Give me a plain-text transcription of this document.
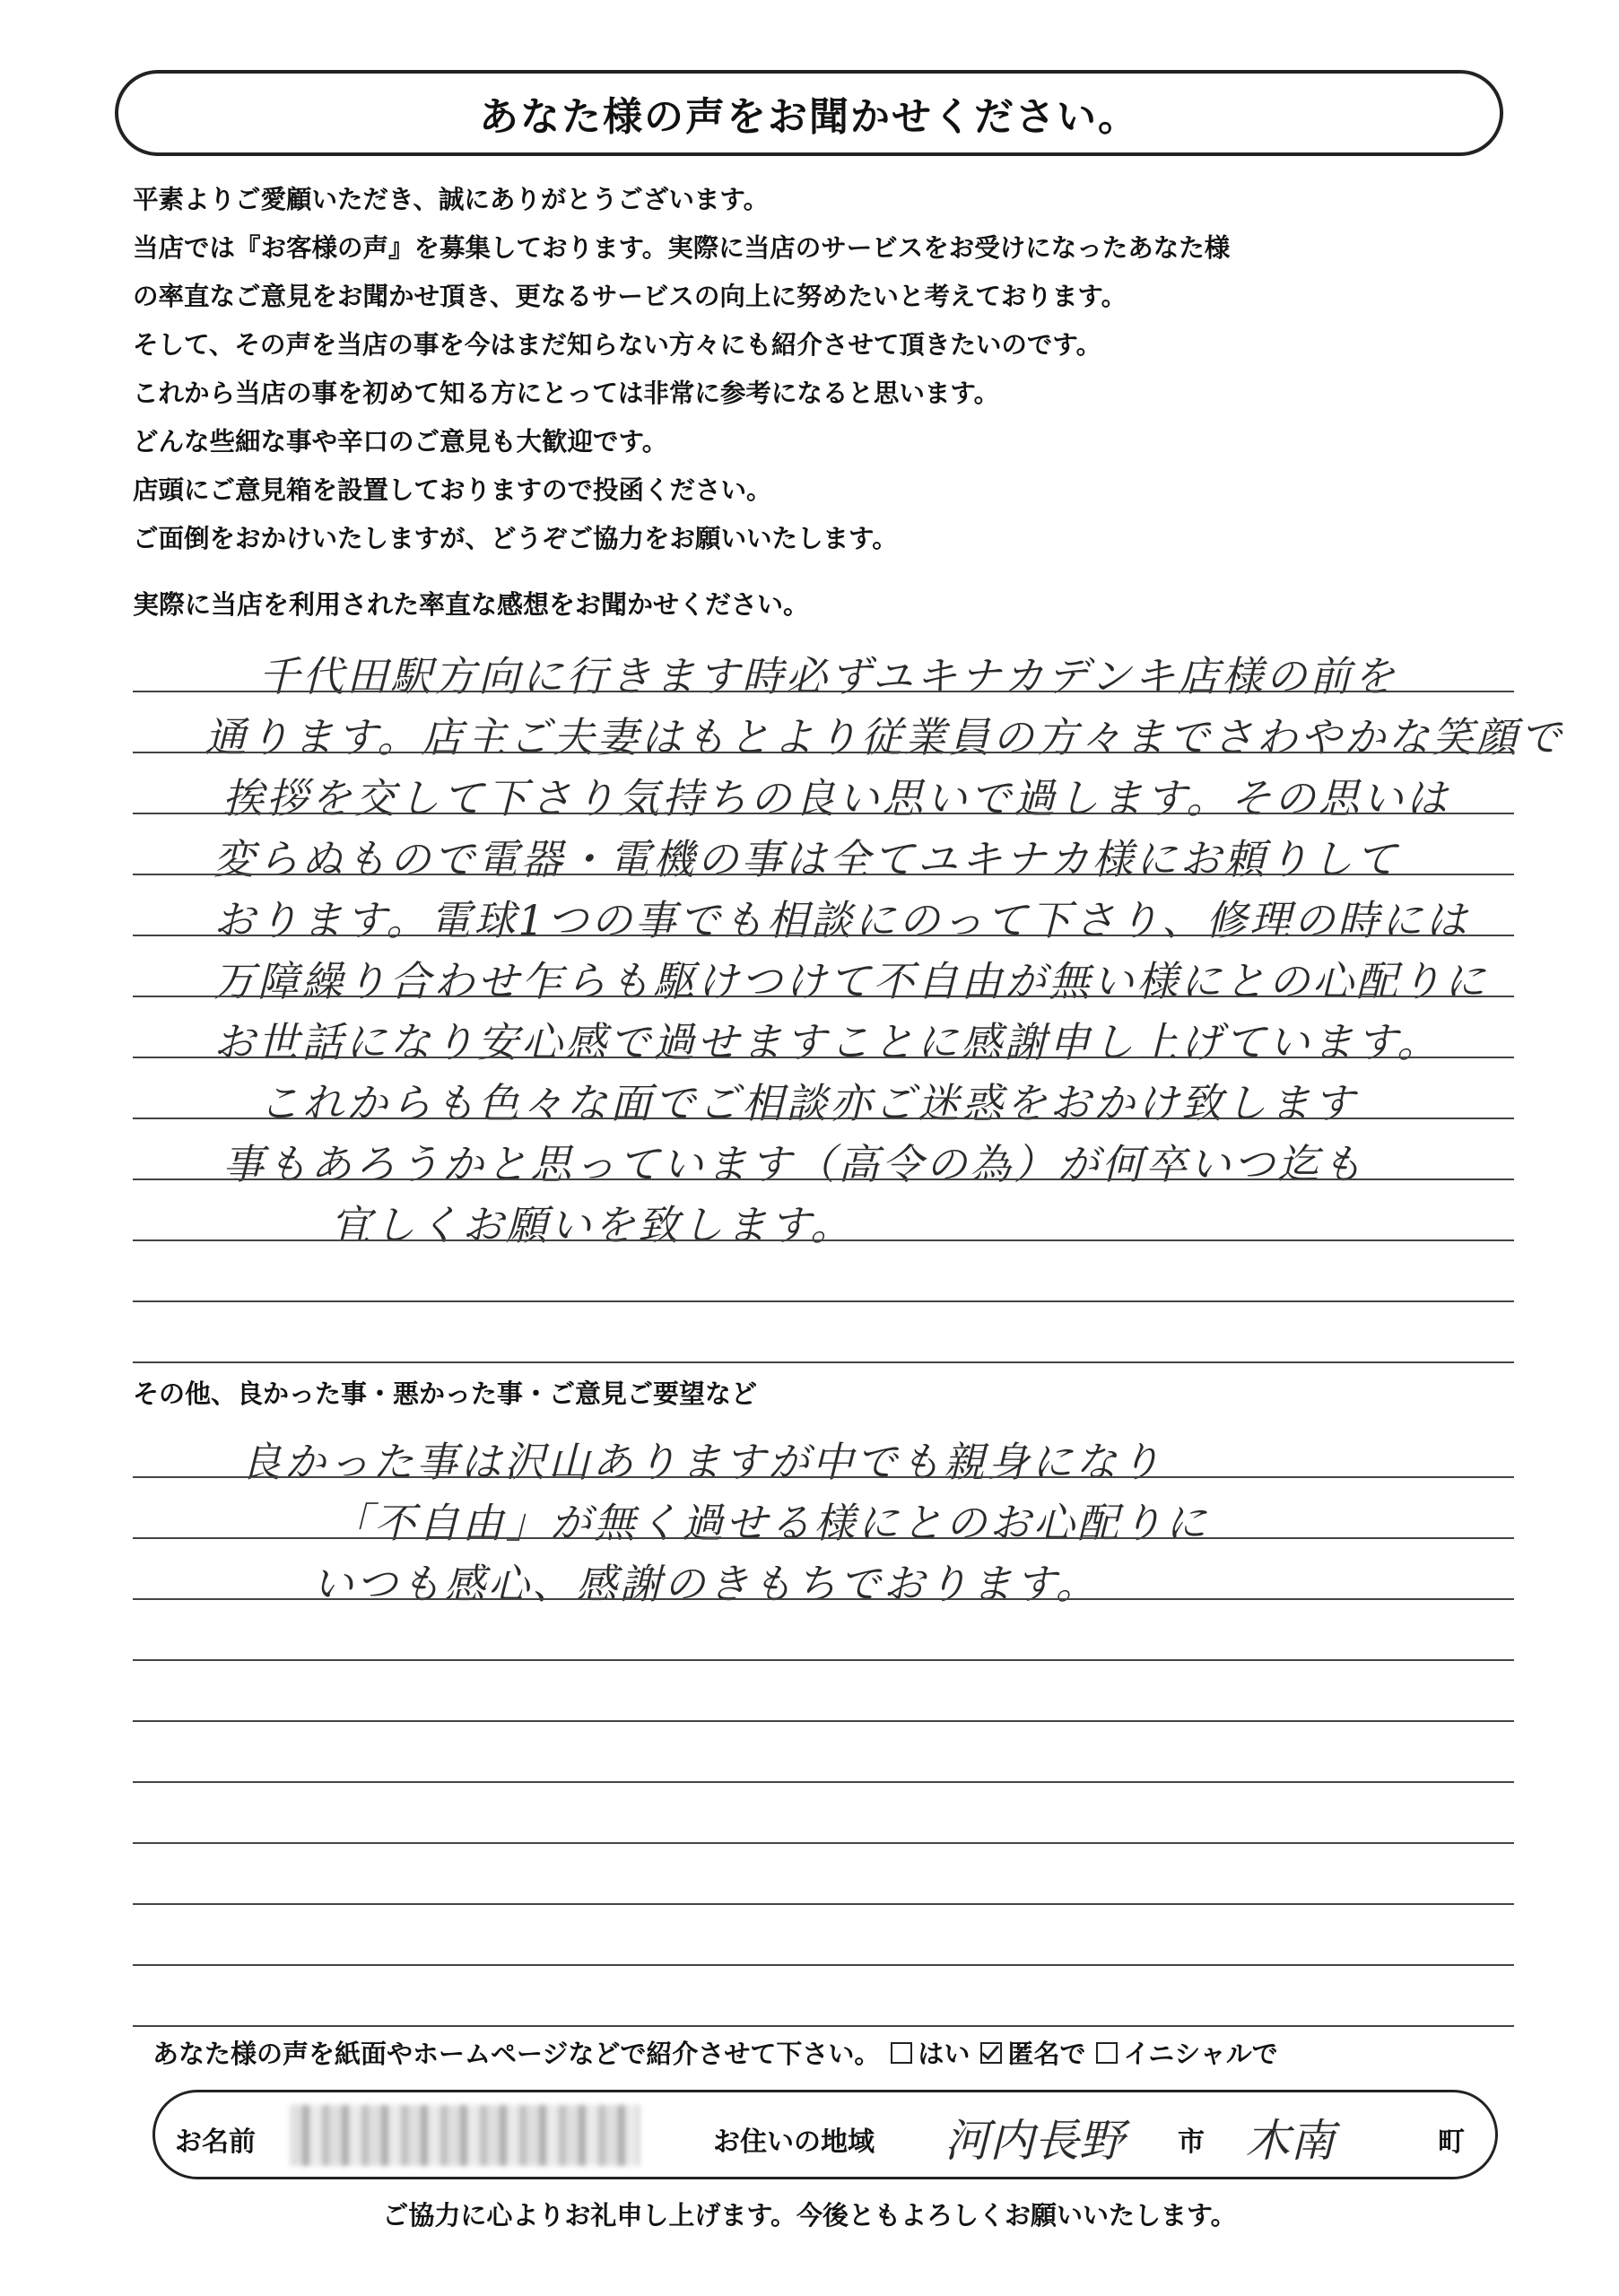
あなた様の声をお聞かせください。
平素よりご愛顧いただき、誠にありがとうございます。
当店では『お客様の声』を募集しております。実際に当店のサービスをお受けになったあなた様
の率直なご意見をお聞かせ頂き、更なるサービスの向上に努めたいと考えております。
そして、その声を当店の事を今はまだ知らない方々にも紹介させて頂きたいのです。
これから当店の事を初めて知る方にとっては非常に参考になると思います。
どんな些細な事や辛口のご意見も大歓迎です。
店頭にご意見箱を設置しておりますので投函ください。
ご面倒をおかけいたしますが、どうぞご協力をお願いいたします。
実際に当店を利用された率直な感想をお聞かせください。
千代田駅方向に行きます時必ずユキナカデンキ店様の前を
通ります。店主ご夫妻はもとより従業員の方々までさわやかな笑顔で
挨拶を交して下さり気持ちの良い思いで過します。その思いは
変らぬもので電器・電機の事は全てユキナカ様にお頼りして
おります。電球1つの事でも相談にのって下さり、修理の時には
万障繰り合わせ乍らも駆けつけて不自由が無い様にとの心配りに
お世話になり安心感で過せますことに感謝申し上げています。
これからも色々な面でご相談亦ご迷惑をおかけ致します
事もあろうかと思っています（高令の為）が何卒いつ迄も
宜しくお願いを致します。
その他、良かった事・悪かった事・ご意見ご要望など
良かった事は沢山ありますが中でも親身になり
「不自由」が無く過せる様にとのお心配りに
いつも感心、感謝のきもちでおります。
あなた様の声を紙面やホームページなどで紹介させて下さい。 はい 匿名で イニシャルで
お名前	お住いの地域 河内長野 市 木南	町
ご協力に心よりお礼申し上げます。今後ともよろしくお願いいたします。
